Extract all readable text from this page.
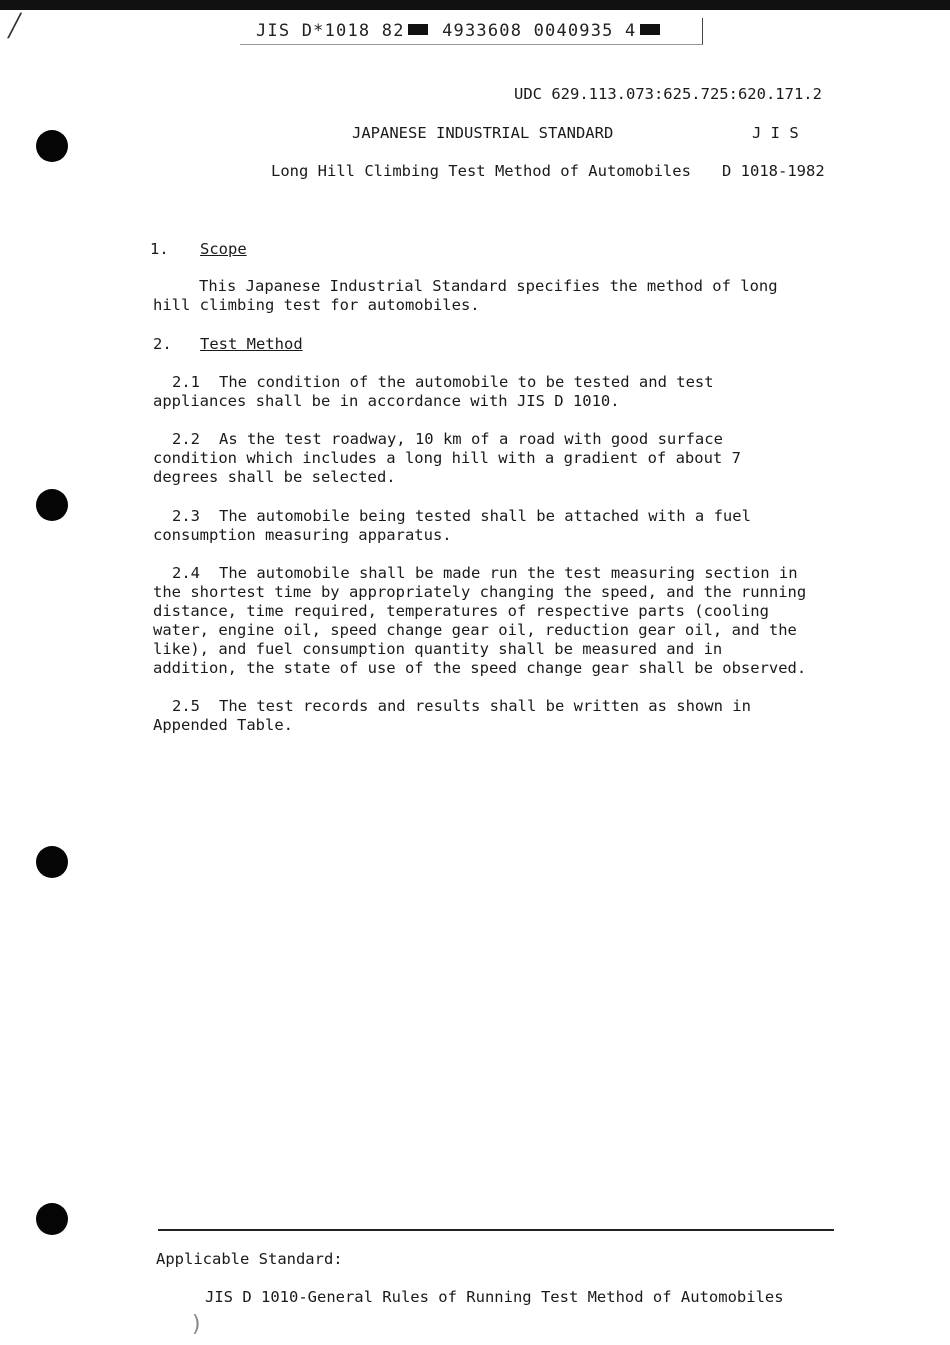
╱	JIS D*1018 82 4933608 0040935 4
UDC 629.113.073:625.725:620.171.2
JAPANESE INDUSTRIAL STANDARD	J I S
Long Hill Climbing Test Method of Automobiles D 1018-1982
1. Scope
This Japanese Industrial Standard specifies the method of long
hill climbing test for automobiles.
2. Test Method
2.1 The condition of the automobile to be tested and test
appliances shall be in accordance with JIS D 1010.
2.2 As the test roadway, 10 km of a road with good surface
condition which includes a long hill with a gradient of about 7
degrees shall be selected.
2.3 The automobile being tested shall be attached with a fuel
consumption measuring apparatus.
2.4 The automobile shall be made run the test measuring section in
the shortest time by appropriately changing the speed, and the running
distance, time required, temperatures of respective parts (cooling
water, engine oil, speed change gear oil, reduction gear oil, and the
like), and fuel consumption quantity shall be measured and in
addition, the state of use of the speed change gear shall be observed.
2.5 The test records and results shall be written as shown in
Appended Table.
Applicable Standard:
JIS D 1010-General Rules of Running Test Method of Automobiles
)
